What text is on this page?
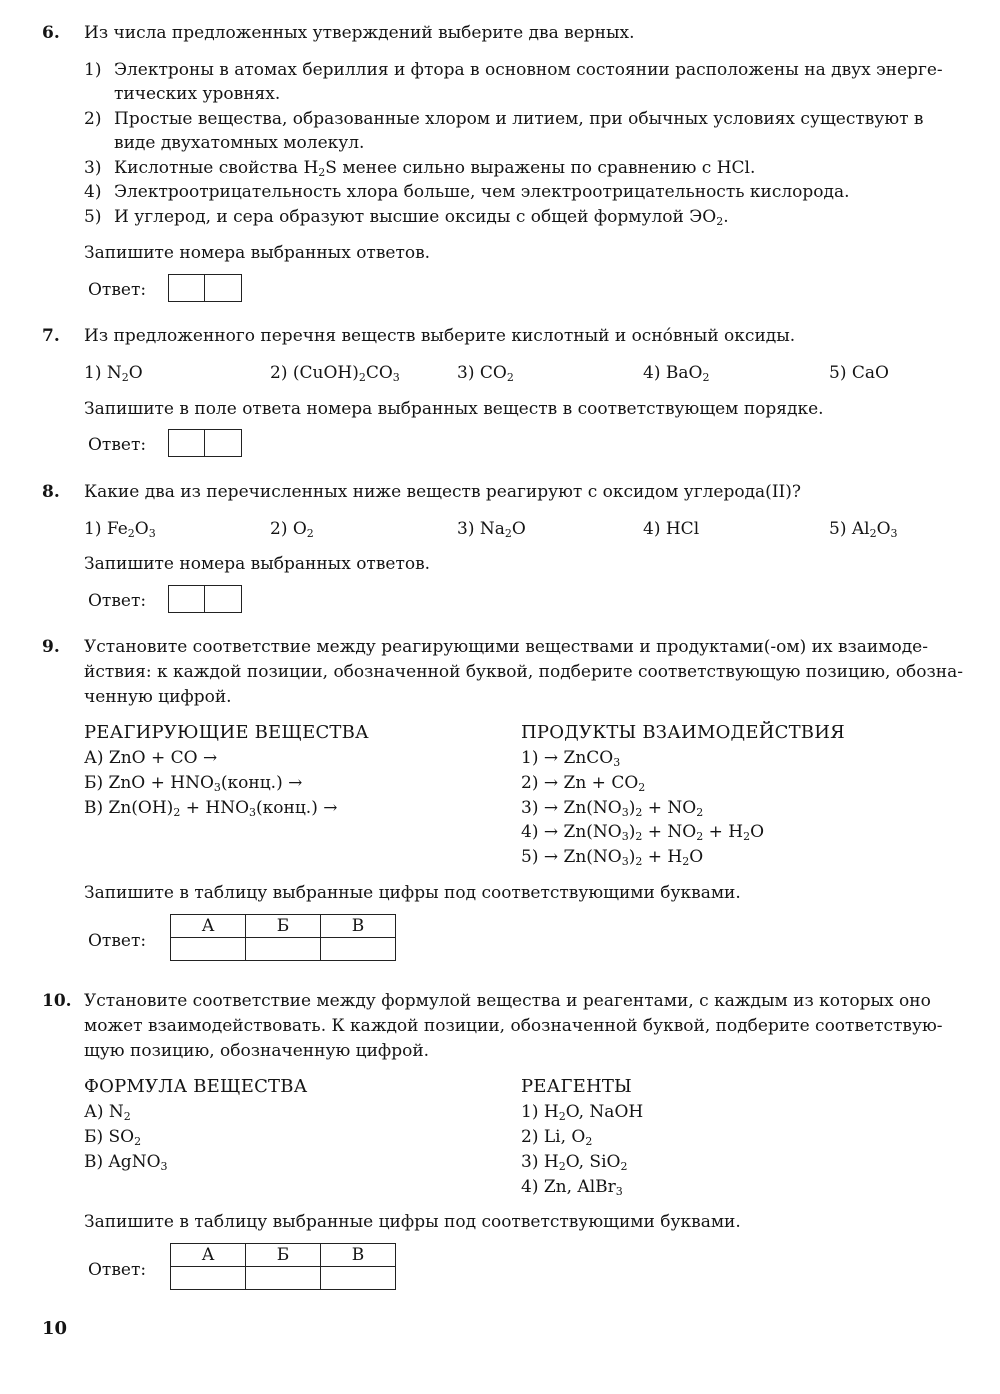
6. Из числа предложенных утверждений выберите два верных.
1) Электроны в атомах бериллия и фтора в основном состоянии расположены на двух энерге-
тических уровнях.
2) Простые вещества, образованные хлором и литием, при обычных условиях существуют в
виде двухатомных молекул.
3) Кислотные свойства $H_2S$ менее сильно выражены по сравнению с HCl.
4) Электроотрицательность хлора больше, чем электроотрицательность кислорода.
5) И углерод, и сера образуют высшие оксиды с общей формулой $ЭО_2$.
Запишите номера выбранных ответов.
Ответ:
7. Из предложенного перечня веществ выберите кислотный и осно́вный оксиды.
1) $N_2O$	2) $(CuOH)_2CO_3$	3) $CO_2$	4) BaO$_2$	5) CaO
Запишите в поле ответа номера выбранных веществ в соответствующем порядке.
Ответ:
8. Какие два из перечисленных ниже веществ реагируют с оксидом углерода(II)?
1) $Fe_2O_3$	2) $O_2$	3) $Na_2O$	4) HCl	5) $Al_2O_3$
Запишите номера выбранных ответов.
Ответ:
9. Установите соответствие между реагирующими веществами и продуктами(-ом) их взаимоде-
йствия: к каждой позиции, обозначенной буквой, подберите соответствующую позицию, обозна-
ченную цифрой.
РЕАГИРУЮЩИЕ ВЕЩЕСТВА	ПРОДУКТЫ ВЗАИМОДЕЙСТВИЯ
А) ZnO + CO →
Б) ZnO + $HNO_3(конц.)$ →
В) $Zn(OH)_2$ + $HNO_3(конц.)$ →
1) → ZnCO$_3$
$2) \to Zn + CO_2$
$3) \to Zn(NO_3)_2 + NO_2$
$4) \to Zn(NO_3)_2 + NO_2 + H_2O$
$5) \to Zn(NO_3)_2 + H_2O$
Запишите в таблицу выбранные цифры под соответствующими буквами.
Ответ:
А	Б	В

10. Установите соответствие между формулой вещества и реагентами, с каждым из которых оно
может взаимодействовать. К каждой позиции, обозначенной буквой, подберите соответствую-
щую позицию, обозначенную цифрой.
ФОРМУЛА ВЕЩЕСТВА	РЕАГЕНТЫ
А) $N_2$
Б) $SO_2$
В) AgNO$_3$
1) $H_2O$, NaOH
2) Li, $O_2$
3) $H_2O$, SiO$_2$
4) Zn, AlBr$_3$
Запишите в таблицу выбранные цифры под соответствующими буквами.
Ответ:
А	Б	В

10
